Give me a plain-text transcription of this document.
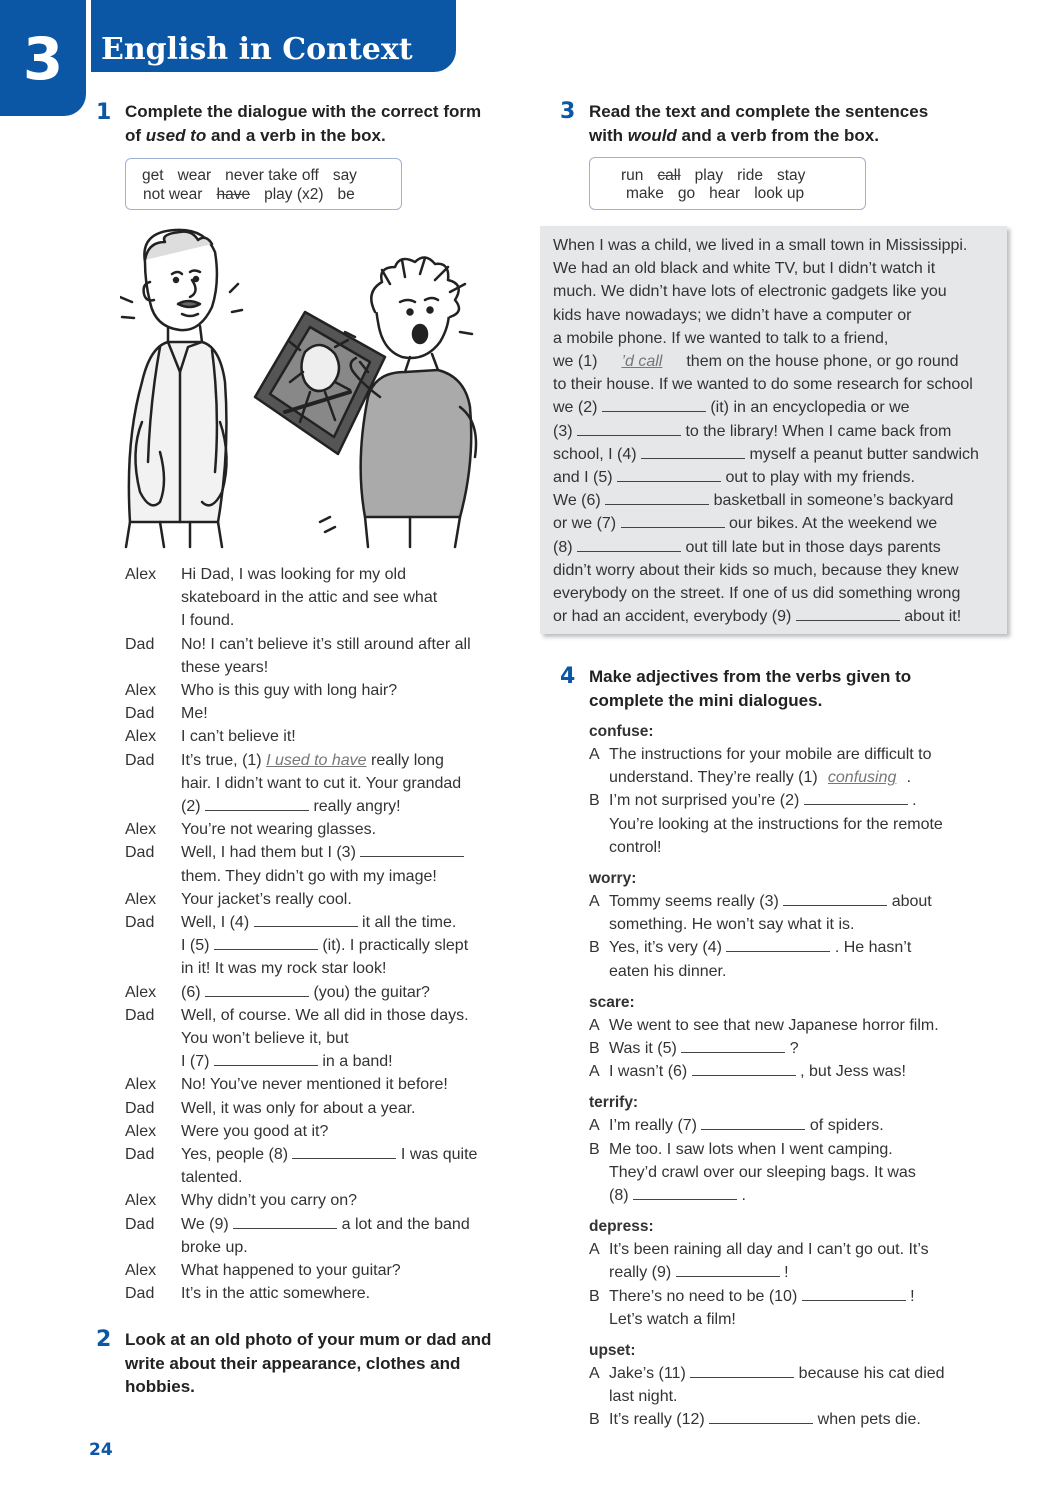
3	English in Context
1 Complete the dialogue with the correct form
of used to and a verb in the box.
get wear never take off say
not wear have play (x2) be
Alex	Hi Dad, I was looking for my old
skateboard in the attic and see what
I found.
Dad	No! I can’t believe it’s still around after all
these years!
Alex	Who is this guy with long hair?
Dad	Me!
Alex	I can’t believe it!
Dad	It’s true, (1) I used to have really long
hair. I didn’t want to cut it. Your grandad
(2)	really angry!
Alex	You’re not wearing glasses.
Dad	Well, I had them but I (3)
them. They didn’t go with my image!
Alex	Your jacket’s really cool.
Dad	Well, I (4)	it all the time.
I (5)	(it). I practically slept
in it! It was my rock star look!
Alex	(6)	(you) the guitar?
Dad	Well, of course. We all did in those days.
You won’t believe it, but
I (7)	in a band!
Alex	No! You’ve never mentioned it before!
Dad	Well, it was only for about a year.
Alex	Were you good at it?
Dad	Yes, people (8)	I was quite
talented.
Alex	Why didn’t you carry on?
Dad	We (9)	a lot and the band
broke up.
Alex	What happened to your guitar?
Dad	It’s in the attic somewhere.
2 Look at an old photo of your mum or dad and
write about their appearance, clothes and
hobbies.
3 Read the text and complete the sentences
with would and a verb from the box.
run call play ride stay
make go hear look up
When I was a child, we lived in a small town in Mississippi.
We had an old black and white TV, but I didn’t watch it
much. We didn’t have lots of electronic gadgets like you
kids have nowadays; we didn’t have a computer or
a mobile phone. If we wanted to talk to a friend,
we (1) ’d call them on the house phone, or go round
to their house. If we wanted to do some research for school
we (2)	(it) in an encyclopedia or we
(3)	to the library! When I came back from
school, I (4)	myself a peanut butter sandwich
and I (5)	out to play with my friends.
We (6)	basketball in someone’s backyard
or we (7)	our bikes. At the weekend we
(8)	out till late but in those days parents
didn’t worry about their kids so much, because they knew
everybody on the street. If one of us did something wrong
or had an accident, everybody (9)	about it!
4 Make adjectives from the verbs given to
complete the mini dialogues.
confuse:
A The instructions for your mobile are difficult to
understand. They’re really (1) confusing .
B I’m not surprised you’re (2)	.
You’re looking at the instructions for the remote
control!
worry:
A Tommy seems really (3)	about
something. He won’t say what it is.
B Yes, it’s very (4)	. He hasn’t
eaten his dinner.
scare:
A We went to see that new Japanese horror film.
B Was it (5)	?
A I wasn’t (6)	, but Jess was!
terrify:
A I’m really (7)	of spiders.
B Me too. I saw lots when I went camping.
They’d crawl over our sleeping bags. It was
(8)	.
depress:
A It’s been raining all day and I can’t go out. It’s
really (9)	!
B There’s no need to be (10)	!
Let’s watch a film!
upset:
A Jake’s (11)	because his cat died
last night.
B It’s really (12)	when pets die.
24
